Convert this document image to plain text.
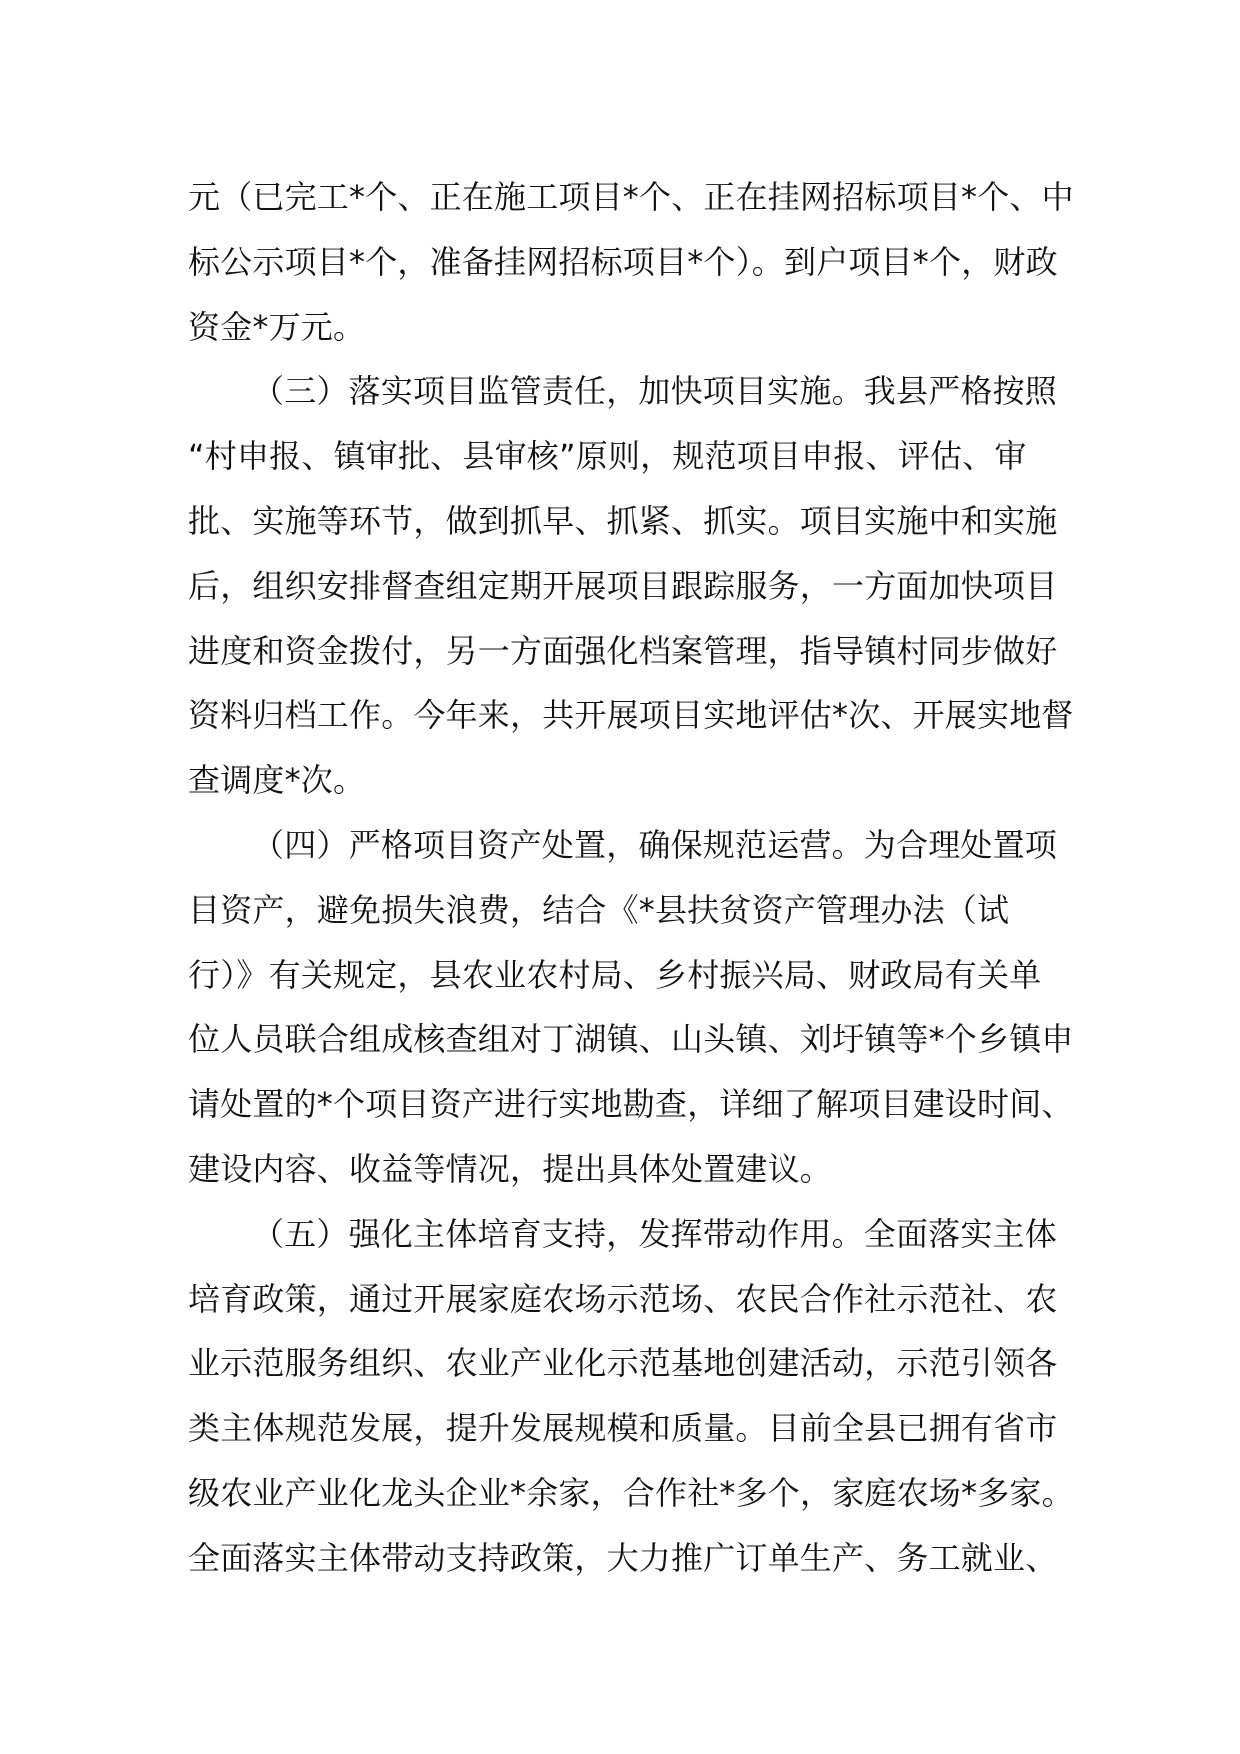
元（已完工*个、正在施工项目*个、正在挂网招标项目*个、中
标公示项目*个，准备挂网招标项目*个）。到户项目*个，财政
资金*万元。
（三）落实项目监管责任，加快项目实施。我县严格按照
“村申报、镇审批、县审核”原则，规范项目申报、评估、审
批、实施等环节，做到抓早、抓紧、抓实。项目实施中和实施
后，组织安排督查组定期开展项目跟踪服务，一方面加快项目
进度和资金拨付，另一方面强化档案管理，指导镇村同步做好
资料归档工作。今年来，共开展项目实地评估*次、开展实地督
查调度*次。
（四）严格项目资产处置，确保规范运营。为合理处置项
目资产，避免损失浪费，结合《*县扶贫资产管理办法（试
行）》有关规定，县农业农村局、乡村振兴局、财政局有关单
位人员联合组成核查组对丁湖镇、山头镇、刘圩镇等*个乡镇申
请处置的*个项目资产进行实地勘查，详细了解项目建设时间、
建设内容、收益等情况，提出具体处置建议。
（五）强化主体培育支持，发挥带动作用。全面落实主体
培育政策，通过开展家庭农场示范场、农民合作社示范社、农
业示范服务组织、农业产业化示范基地创建活动，示范引领各
类主体规范发展，提升发展规模和质量。目前全县已拥有省市
级农业产业化龙头企业*余家，合作社*多个，家庭农场*多家。
全面落实主体带动支持政策，大力推广订单生产、务工就业、
